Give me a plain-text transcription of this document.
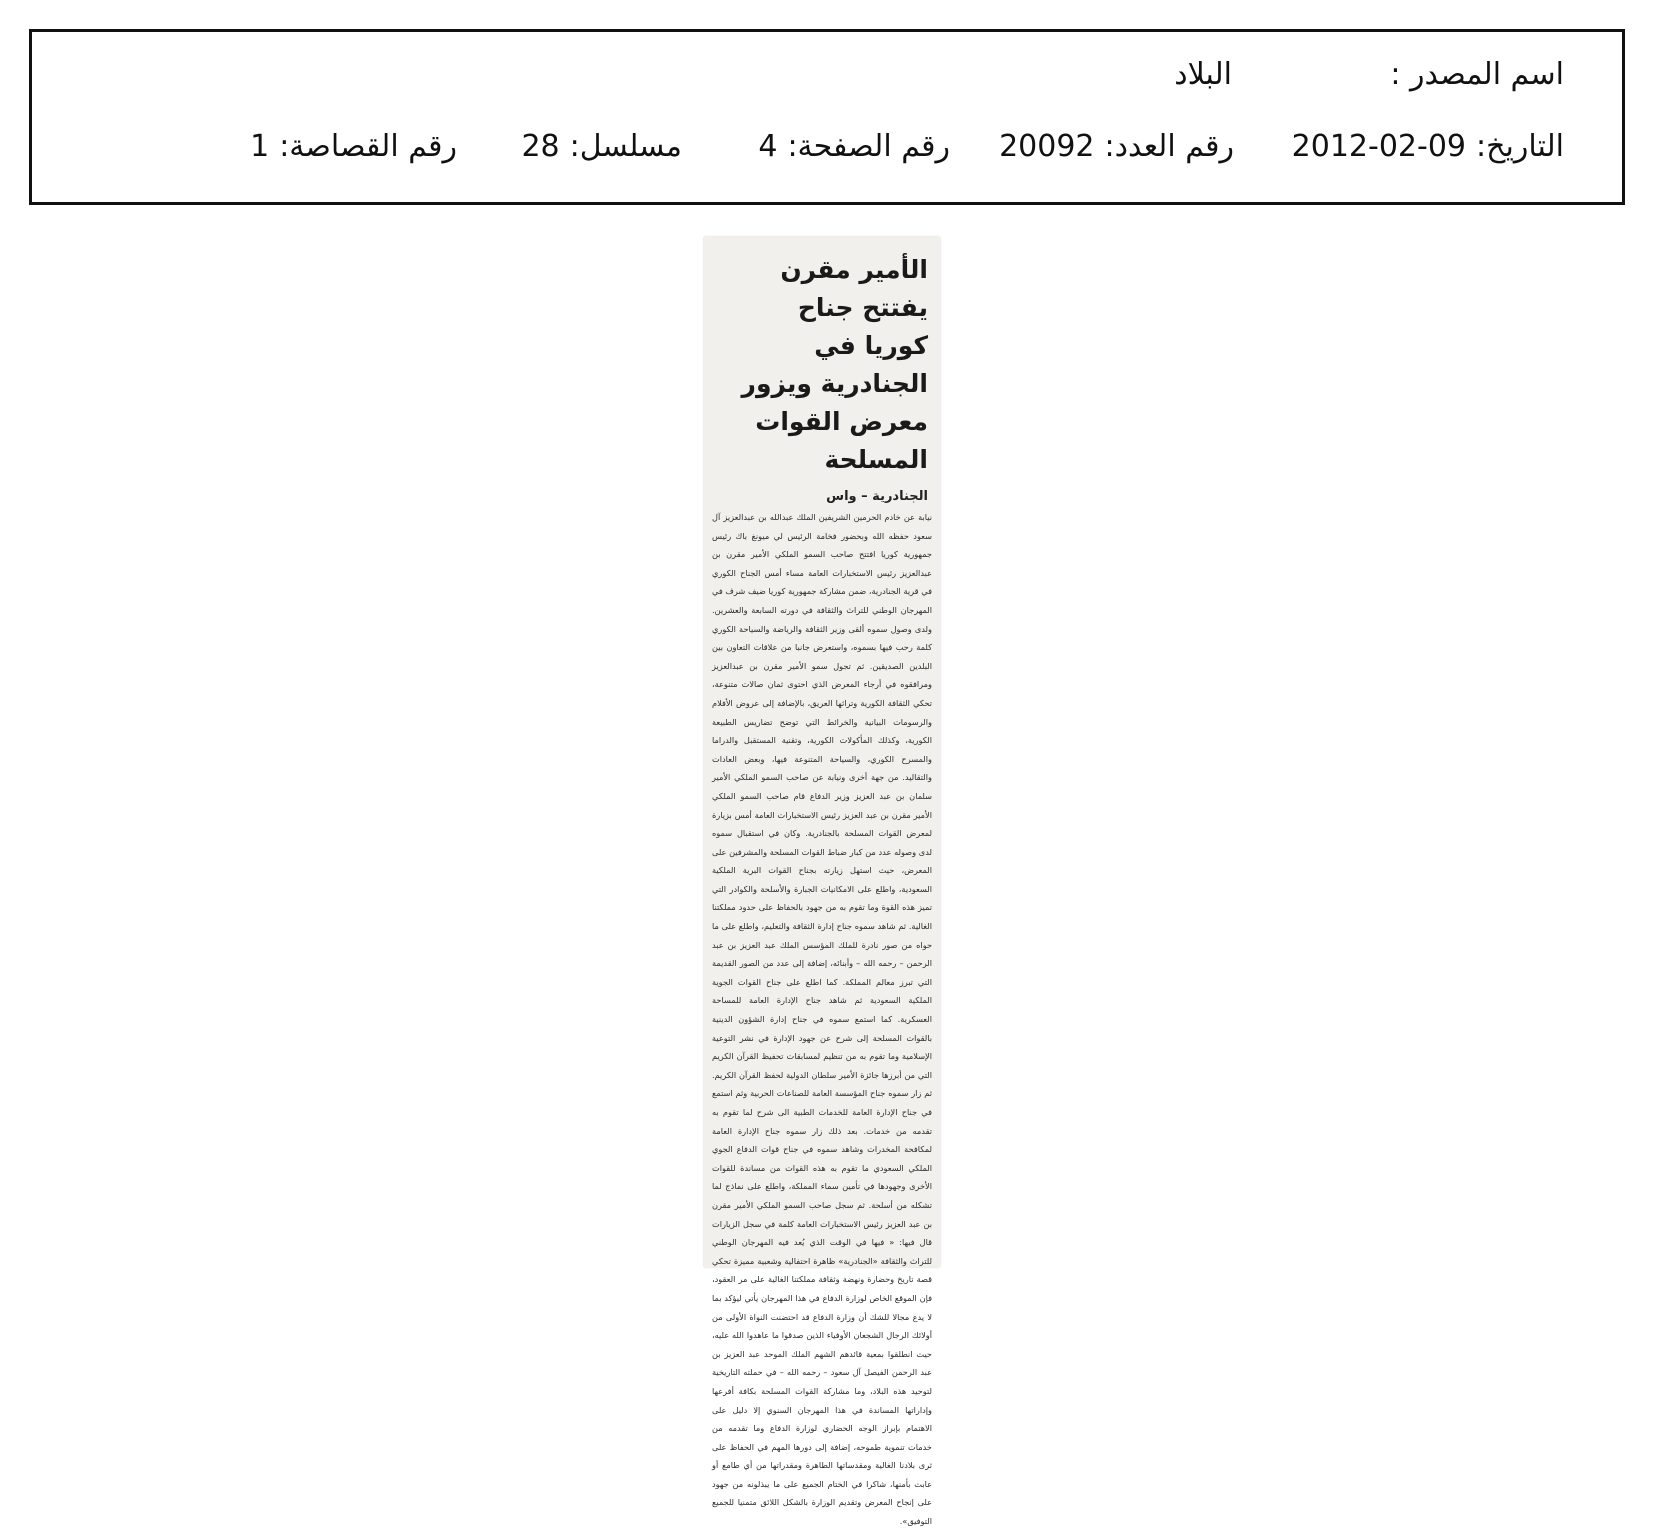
اسم المصدر :
البلاد
التاريخ:2012-02-09
رقم العدد:20092
رقم الصفحة:4
مسلسل:28
رقم القصاصة:1
الأمير مقرن يفتتح جناح
كوريا في الجنادرية ويزور
معرض القوات المسلحة
الجنادرية – واس
نيابة عن خادم الحرمين الشريفين الملك عبدالله بن عبدالعزيز آل سعود حفظه الله وبحضور فخامة الرئيس لي ميونغ باك رئيس جمهورية كوريا افتتح صاحب السمو الملكي الأمير مقرن بن عبدالعزيز رئيس الاستخبارات العامة مساء أمس الجناح الكوري في قرية الجنادرية، ضمن مشاركة جمهورية كوريا ضيف شرف في المهرجان الوطني للتراث والثقافة في دورته السابعة والعشرين. ولدى وصول سموه ألقى وزير الثقافة والرياضة والسياحة الكوري كلمة رحب فيها بسموه، واستعرض جانبا من علاقات التعاون بين البلدين الصديقين. ثم تجول سمو الأمير مقرن بن عبدالعزيز ومرافقوه في أرجاء المعرض الذي احتوى ثمان صالات متنوعة، تحكي الثقافة الكورية وتراثها العريق، بالإضافة إلى عروض الأفلام والرسومات البيانية والخرائط التي توضح تضاريس الطبيعة الكورية، وكذلك المأكولات الكورية، وتقنية المستقبل والدراما والمسرح الكوري، والسياحة المتنوعة فيها، وبعض العادات والتقاليد. من جهة أخرى ونيابة عن صاحب السمو الملكي الأمير سلمان بن عبد العزيز وزير الدفاع قام صاحب السمو الملكي الأمير مقرن بن عبد العزيز رئيس الاستخبارات العامة أمس بزيارة لمعرض القوات المسلحة بالجنادرية. وكان في استقبال سموه لدى وصوله عدد من كبار ضباط القوات المسلحة والمشرفين على المعرض، حيث استهل زيارته بجناح القوات البرية الملكية السعودية، واطلع على الامكانيات الجبارة والأسلحة والكوادر التي تميز هذه القوة وما تقوم به من جهود بالحفاظ على حدود مملكتنا الغالية. ثم شاهد سموه جناح إدارة الثقافة والتعليم، واطلع على ما حواه من صور نادرة للملك المؤسس الملك عبد العزيز بن عبد الرحمن – رحمه الله – وأبنائه، إضافة إلى عدد من الصور القديمة التي تبرز معالم المملكة. كما اطلع على جناح القوات الجوية الملكية السعودية ثم شاهد جناح الإدارة العامة للمساحة العسكرية. كما استمع سموه في جناح إدارة الشؤون الدينية بالقوات المسلحة إلى شرح عن جهود الإدارة في نشر التوعية الإسلامية وما تقوم به من تنظيم لمسابقات تحفيظ القرآن الكريم التي من أبرزها جائزة الأمير سلطان الدولية لحفظ القرآن الكريم. ثم زار سموه جناح المؤسسة العامة للصناعات الحربية وثم استمع في جناح الإدارة العامة للخدمات الطبية الى شرح لما تقوم به تقدمه من خدمات. بعد ذلك زار سموه جناح الإدارة العامة لمكافحة المخدرات وشاهد سموه في جناح قوات الدفاع الجوي الملكي السعودي ما تقوم به هذه القوات من مساندة للقوات الأخرى وجهودها في تأمين سماء المملكة، واطلع على نماذج لما تشكله من أسلحة. ثم سجل صاحب السمو الملكي الأمير مقرن بن عبد العزيز رئيس الاستخبارات العامة كلمة في سجل الزيارات قال فيها: « فيها في الوقت الذي يُعد فيه المهرجان الوطني للتراث والثقافة «الجنادرية» ظاهرة احتفالية وشعبية مميزة تحكي قصة تاريخ وحضارة ونهضة وثقافة مملكتنا الغالية على مر العقود، فإن الموقع الخاص لوزارة الدفاع في هذا المهرجان يأتي ليؤكد بما لا يدع مجالا للشك أن وزارة الدفاع قد احتضنت النواة الأولى من أولائك الرجال الشجعان الأوفياء الذين صدقوا ما عاهدوا الله عليه، حيث انطلقوا بمعية قائدهم الشهم الملك الموحد عبد العزيز بن عبد الرحمن الفيصل آل سعود – رحمه الله – في حملته التاريخية لتوحيد هذه البلاد، وما مشاركة القوات المسلحة بكافة أفرعها وإداراتها المساندة في هذا المهرجان السنوي إلا دليل على الاهتمام بإبراز الوجه الحضاري لوزارة الدفاع وما تقدمه من خدمات تنموية طموحه، إضافة إلى دورها المهم في الحفاظ على ثرى بلادنا الغالية ومقدساتها الطاهرة ومقدراتها من أي طامع أو عابث بأمنها، شاكرا في الختام الجميع على ما يبذلونه من جهود على إنجاح المعرض وتقديم الوزارة بالشكل اللائق متمنيا للجميع التوفيق».
